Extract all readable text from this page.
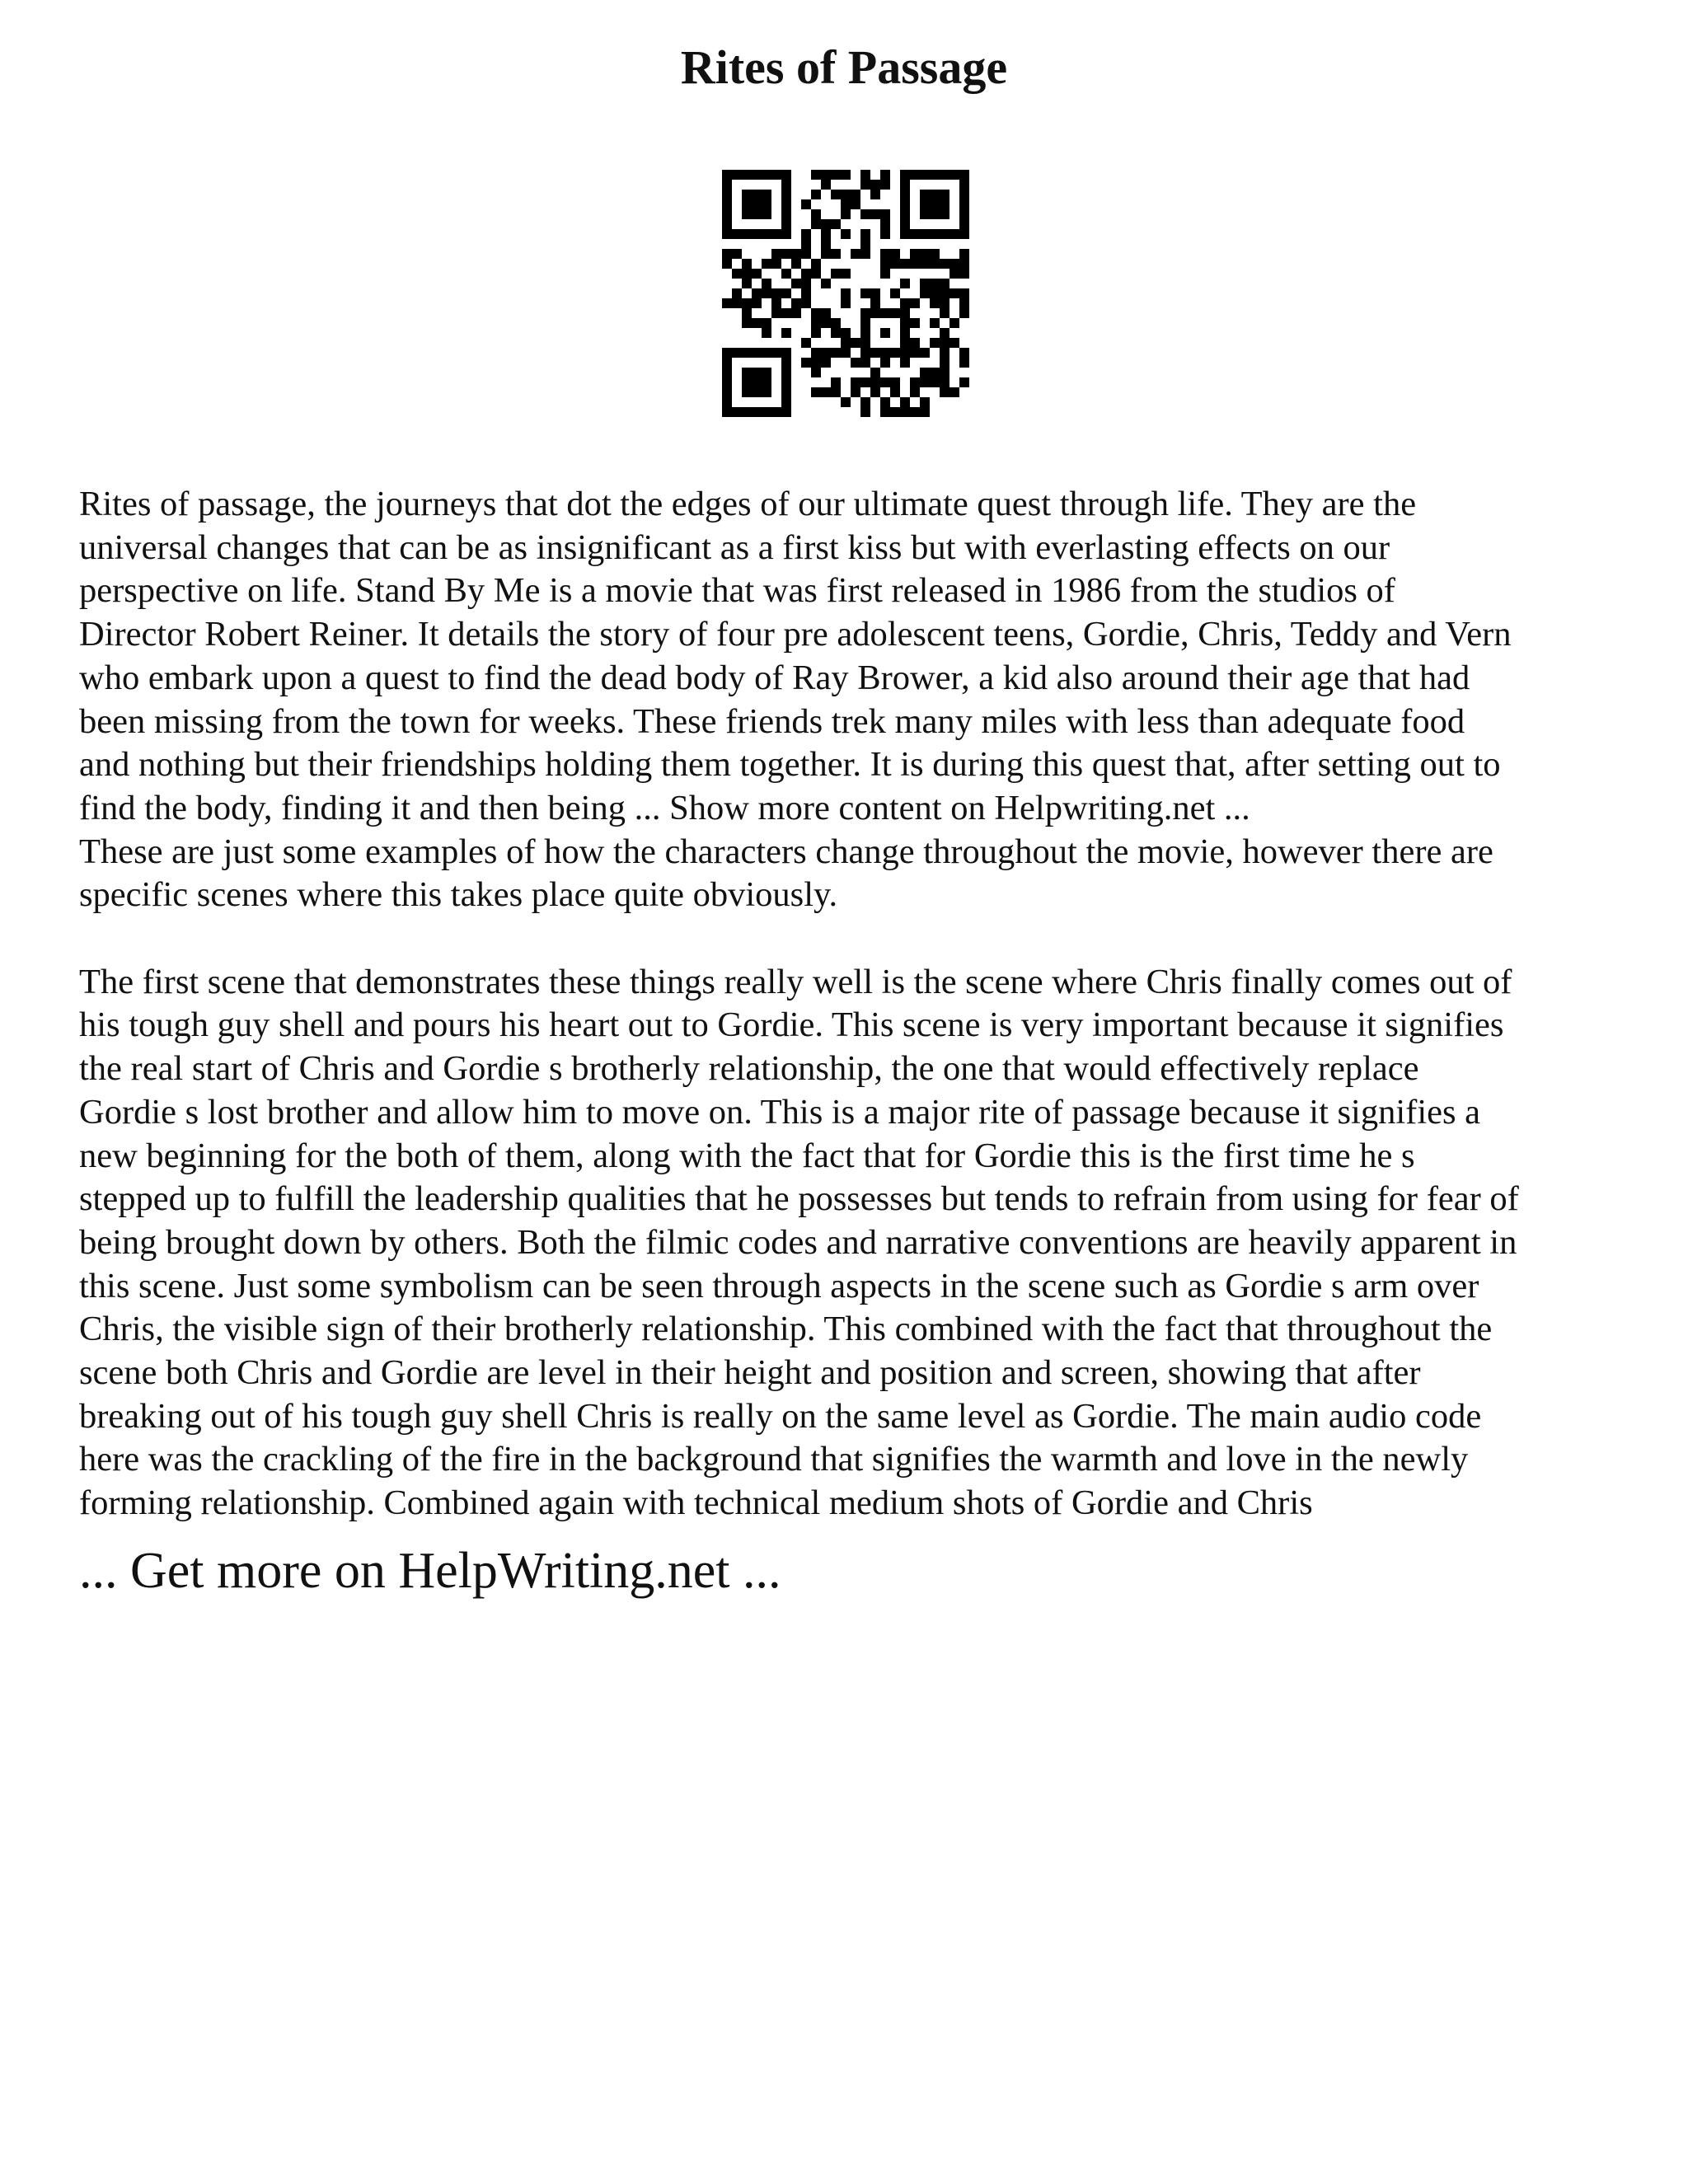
Rites of Passage

Rites of passage, the journeys that dot the edges of our ultimate quest through life. They are the
universal changes that can be as insignificant as a first kiss but with everlasting effects on our
perspective on life. Stand By Me is a movie that was first released in 1986 from the studios of
Director Robert Reiner. It details the story of four pre adolescent teens, Gordie, Chris, Teddy and Vern
who embark upon a quest to find the dead body of Ray Brower, a kid also around their age that had
been missing from the town for weeks. These friends trek many miles with less than adequate food
and nothing but their friendships holding them together. It is during this quest that, after setting out to
find the body, finding it and then being ... Show more content on Helpwriting.net ...
These are just some examples of how the characters change throughout the movie, however there are
specific scenes where this takes place quite obviously.

The first scene that demonstrates these things really well is the scene where Chris finally comes out of
his tough guy shell and pours his heart out to Gordie. This scene is very important because it signifies
the real start of Chris and Gordie s brotherly relationship, the one that would effectively replace
Gordie s lost brother and allow him to move on. This is a major rite of passage because it signifies a
new beginning for the both of them, along with the fact that for Gordie this is the first time he s
stepped up to fulfill the leadership qualities that he possesses but tends to refrain from using for fear of
being brought down by others. Both the filmic codes and narrative conventions are heavily apparent in
this scene. Just some symbolism can be seen through aspects in the scene such as Gordie s arm over
Chris, the visible sign of their brotherly relationship. This combined with the fact that throughout the
scene both Chris and Gordie are level in their height and position and screen, showing that after
breaking out of his tough guy shell Chris is really on the same level as Gordie. The main audio code
here was the crackling of the fire in the background that signifies the warmth and love in the newly
forming relationship. Combined again with technical medium shots of Gordie and Chris

... Get more on HelpWriting.net ...
